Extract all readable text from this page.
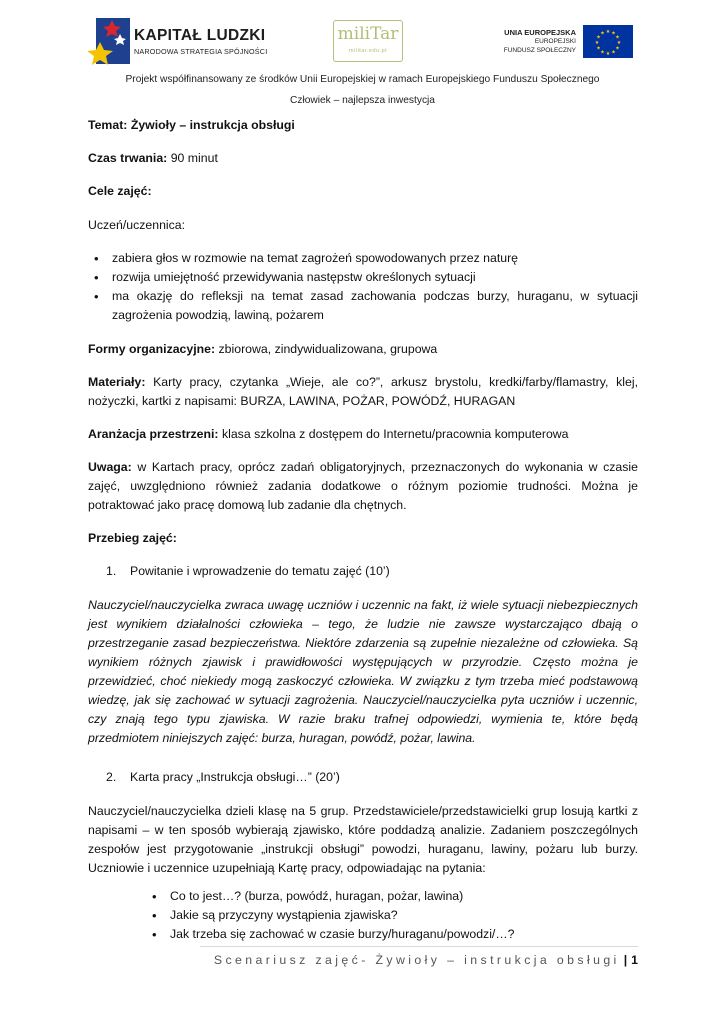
KAPITAŁ LUDZKI
NARODOWA STRATEGIA SPÓJNOŚCI
miliTar
militar.edu.pl
UNIA EUROPEJSKA
EUROPEJSKI
FUNDUSZ SPOŁECZNY
★ ★
★
★
★
★
★
★
★
★
★
★
Projekt współfinansowany ze środków Unii Europejskiej w ramach Europejskiego Funduszu Społecznego
Człowiek – najlepsza inwestycja

Temat: Żywioły – instrukcja obsługi

Czas trwania: 90 minut

Cele zajęć:

Uczeń/uczennica:

• zabiera głos w rozmowie na temat zagrożeń spowodowanych przez naturę
• rozwija umiejętność przewidywania następstw określonych sytuacji
• ma okazję do refleksji na temat zasad zachowania podczas burzy, huraganu, w sytuacji zagrożenia powodzią, lawiną, pożarem

Formy organizacyjne: zbiorowa, zindywidualizowana, grupowa

Materiały: Karty pracy, czytanka „Wieje, ale co?”, arkusz brystolu, kredki/farby/flamastry, klej, nożyczki, kartki z napisami: BURZA, LAWINA, POŻAR, POWÓDŹ, HURAGAN

Aranżacja przestrzeni: klasa szkolna z dostępem do Internetu/pracownia komputerowa

Uwaga: w Kartach pracy, oprócz zadań obligatoryjnych, przeznaczonych do wykonania w czasie zajęć, uwzględniono również zadania dodatkowe o różnym poziomie trudności. Można je potraktować jako pracę domową lub zadanie dla chętnych.

Przebieg zajęć:

1. Powitanie i wprowadzenie do tematu zajęć (10’)

Nauczyciel/nauczycielka zwraca uwagę uczniów i uczennic na fakt, iż wiele sytuacji niebezpiecznych jest wynikiem działalności człowieka – tego, że ludzie nie zawsze wystarczająco dbają o przestrzeganie zasad bezpieczeństwa. Niektóre zdarzenia są zupełnie niezależne od człowieka. Są wynikiem różnych zjawisk i prawidłowości występujących w przyrodzie. Często można je przewidzieć, choć niekiedy mogą zaskoczyć człowieka. W związku z tym trzeba mieć podstawową wiedzę, jak się zachować w sytuacji zagrożenia. Nauczyciel/nauczycielka pyta uczniów i uczennic, czy znają tego typu zjawiska. W razie braku trafnej odpowiedzi, wymienia te, które będą przedmiotem niniejszych zajęć: burza, huragan, powódź, pożar, lawina.

2. Karta pracy „Instrukcja obsługi…” (20’)

Nauczyciel/nauczycielka dzieli klasę na 5 grup. Przedstawiciele/przedstawicielki grup losują kartki z napisami – w ten sposób wybierają zjawisko, które poddadzą analizie. Zadaniem poszczególnych zespołów jest przygotowanie „instrukcji obsługi” powodzi, huraganu, lawiny, pożaru lub burzy. Uczniowie i uczennice uzupełniają Kartę pracy, odpowiadając na pytania:

• Co to jest…? (burza, powódź, huragan, pożar, lawina)
• Jakie są przyczyny wystąpienia zjawiska?
• Jak trzeba się zachować w czasie burzy/huraganu/powodzi/…?
Scenariusz zajęć- Żywioły – instrukcja obsługi | 1
